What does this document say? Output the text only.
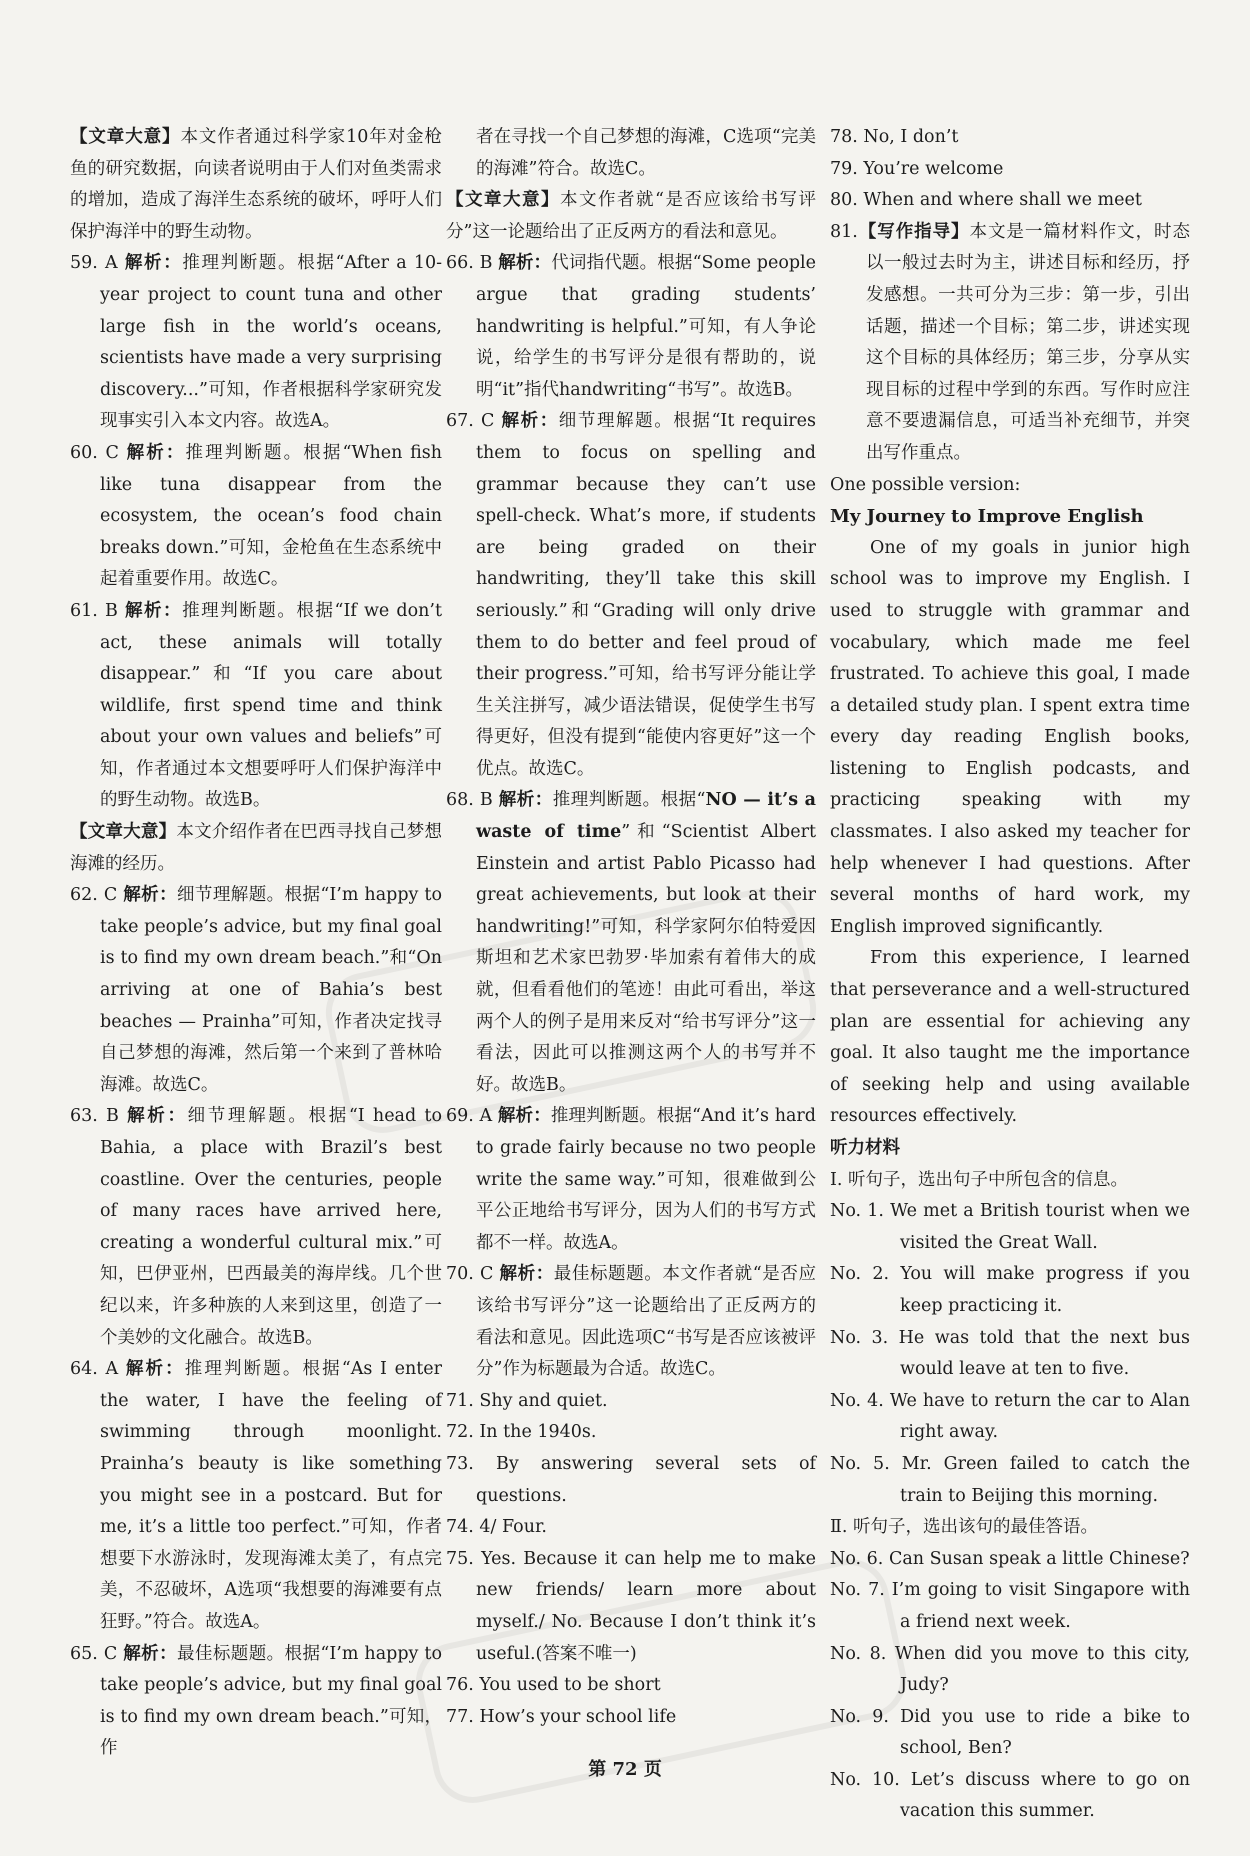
【文章大意】本文作者通过科学家10年对金枪鱼的研究数据，向读者说明由于人们对鱼类需求的增加，造成了海洋生态系统的破坏，呼吁人们保护海洋中的野生动物。

59. A 解析：推理判断题。根据“After a 10-year project to count tuna and other large fish in the world’s oceans, scientists have made a very surprising discovery...”可知，作者根据科学家研究发现事实引入本文内容。故选A。

60. C 解析：推理判断题。根据“When fish like tuna disappear from the ecosystem, the ocean’s food chain breaks down.”可知，金枪鱼在生态系统中起着重要作用。故选C。

61. B 解析：推理判断题。根据“If we don’t act, these animals will totally disappear.”和“If you care about wildlife, first spend time and think about your own values and beliefs”可知，作者通过本文想要呼吁人们保护海洋中的野生动物。故选B。

【文章大意】本文介绍作者在巴西寻找自己梦想海滩的经历。

62. C 解析：细节理解题。根据“I’m happy to take people’s advice, but my final goal is to find my own dream beach.”和“On arriving at one of Bahia’s best beaches — Prainha”可知，作者决定找寻自己梦想的海滩，然后第一个来到了普林哈海滩。故选C。

63. B 解析：细节理解题。根据“I head to Bahia, a place with Brazil’s best coastline. Over the centuries, people of many races have arrived here, creating a wonderful cultural mix.”可知，巴伊亚州，巴西最美的海岸线。几个世纪以来，许多种族的人来到这里，创造了一个美妙的文化融合。故选B。

64. A 解析：推理判断题。根据“As I enter the water, I have the feeling of swimming through moonlight. Prainha’s beauty is like something you might see in a postcard. But for me, it’s a little too perfect.”可知，作者想要下水游泳时，发现海滩太美了，有点完美，不忍破坏，A选项“我想要的海滩要有点狂野。”符合。故选A。

65. C 解析：最佳标题题。根据“I’m happy to take people’s advice, but my final goal is to find my own dream beach.”可知，作

者在寻找一个自己梦想的海滩，C选项“完美的海滩”符合。故选C。

【文章大意】本文作者就“是否应该给书写评分”这一论题给出了正反两方的看法和意见。

66. B 解析：代词指代题。根据“Some people argue that grading students’ handwriting is helpful.”可知，有人争论说，给学生的书写评分是很有帮助的，说明“it”指代handwriting“书写”。故选B。

67. C 解析：细节理解题。根据“It requires them to focus on spelling and grammar because they can’t use spell-check. What’s more, if students are being graded on their handwriting, they’ll take this skill seriously.”和“Grading will only drive them to do better and feel proud of their progress.”可知，给书写评分能让学生关注拼写，减少语法错误，促使学生书写得更好，但没有提到“能使内容更好”这一个优点。故选C。

68. B 解析：推理判断题。根据“NO — it’s a waste of time”和“Scientist Albert Einstein and artist Pablo Picasso had great achievements, but look at their handwriting!”可知，科学家阿尔伯特爱因斯坦和艺术家巴勃罗·毕加索有着伟大的成就，但看看他们的笔迹！由此可看出，举这两个人的例子是用来反对“给书写评分”这一看法，因此可以推测这两个人的书写并不好。故选B。

69. A 解析：推理判断题。根据“And it’s hard to grade fairly because no two people write the same way.”可知，很难做到公平公正地给书写评分，因为人们的书写方式都不一样。故选A。

70. C 解析：最佳标题题。本文作者就“是否应该给书写评分”这一论题给出了正反两方的看法和意见。因此选项C“书写是否应该被评分”作为标题最为合适。故选C。

71. Shy and quiet.

72. In the 1940s.

73. By answering several sets of questions.

74. 4/ Four.

75. Yes. Because it can help me to make new friends/ learn more about myself./ No. Because I don’t think it’s useful.(答案不唯一)

76. You used to be short

77. How’s your school life

78. No, I don’t

79. You’re welcome

80. When and where shall we meet

81.【写作指导】本文是一篇材料作文，时态以一般过去时为主，讲述目标和经历，抒发感想。一共可分为三步：第一步，引出话题，描述一个目标；第二步，讲述实现这个目标的具体经历；第三步，分享从实现目标的过程中学到的东西。写作时应注意不要遗漏信息，可适当补充细节，并突出写作重点。

One possible version:

My Journey to Improve English

One of my goals in junior high school was to improve my English. I used to struggle with grammar and vocabulary, which made me feel frustrated. To achieve this goal, I made a detailed study plan. I spent extra time every day reading English books, listening to English podcasts, and practicing speaking with my classmates. I also asked my teacher for help whenever I had questions. After several months of hard work, my English improved significantly.

From this experience, I learned that perseverance and a well-structured plan are essential for achieving any goal. It also taught me the importance of seeking help and using available resources effectively.

听力材料

Ⅰ. 听句子，选出句子中所包含的信息。

No. 1. We met a British tourist when we visited the Great Wall.

No. 2. You will make progress if you keep practicing it.

No. 3. He was told that the next bus would leave at ten to five.

No. 4. We have to return the car to Alan right away.

No. 5. Mr. Green failed to catch the train to Beijing this morning.

Ⅱ. 听句子，选出该句的最佳答语。

No. 6. Can Susan speak a little Chinese?

No. 7. I’m going to visit Singapore with a friend next week.

No. 8. When did you move to this city, Judy?

No. 9. Did you use to ride a bike to school, Ben?

No. 10. Let’s discuss where to go on vacation this summer.

第 72 页
